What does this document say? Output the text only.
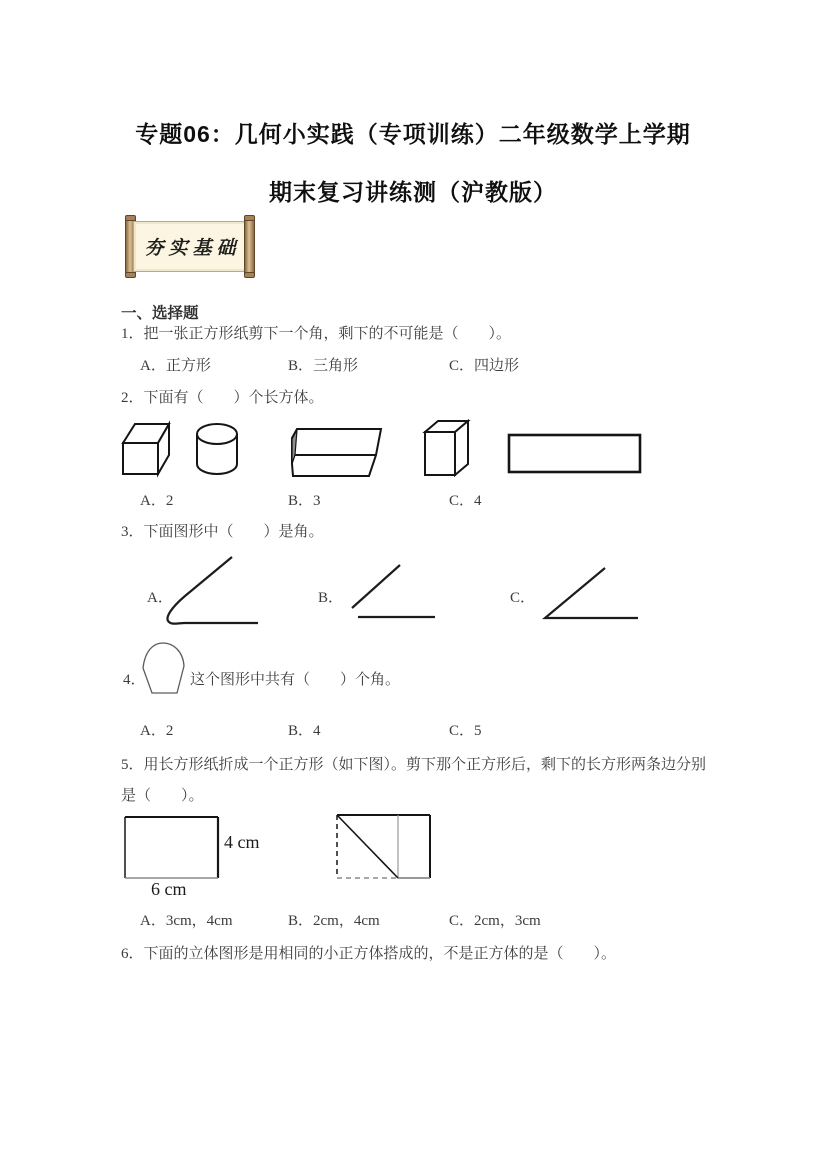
专题06：几何小实践（专项训练）二年级数学上学期
期末复习讲练测（沪教版）
夯实基础
一、选择题
1．把一张正方形纸剪下一个角，剩下的不可能是（　　）。
A．正方形	B．三角形	C．四边形
2．下面有（　　）个长方体。
A．2	B．3	C．4
3．下面图形中（　　）是角。
A．	B．	C．
4．	这个图形中共有（　　）个角。
A．2	B．4	C．5
5．用长方形纸折成一个正方形（如下图）。剪下那个正方形后，剩下的长方形两条边分别
是（　　）。
4 cm
6 cm
A．3cm，4cm	B．2cm，4cm	C．2cm，3cm
6．下面的立体图形是用相同的小正方体搭成的，不是正方体的是（　　）。
